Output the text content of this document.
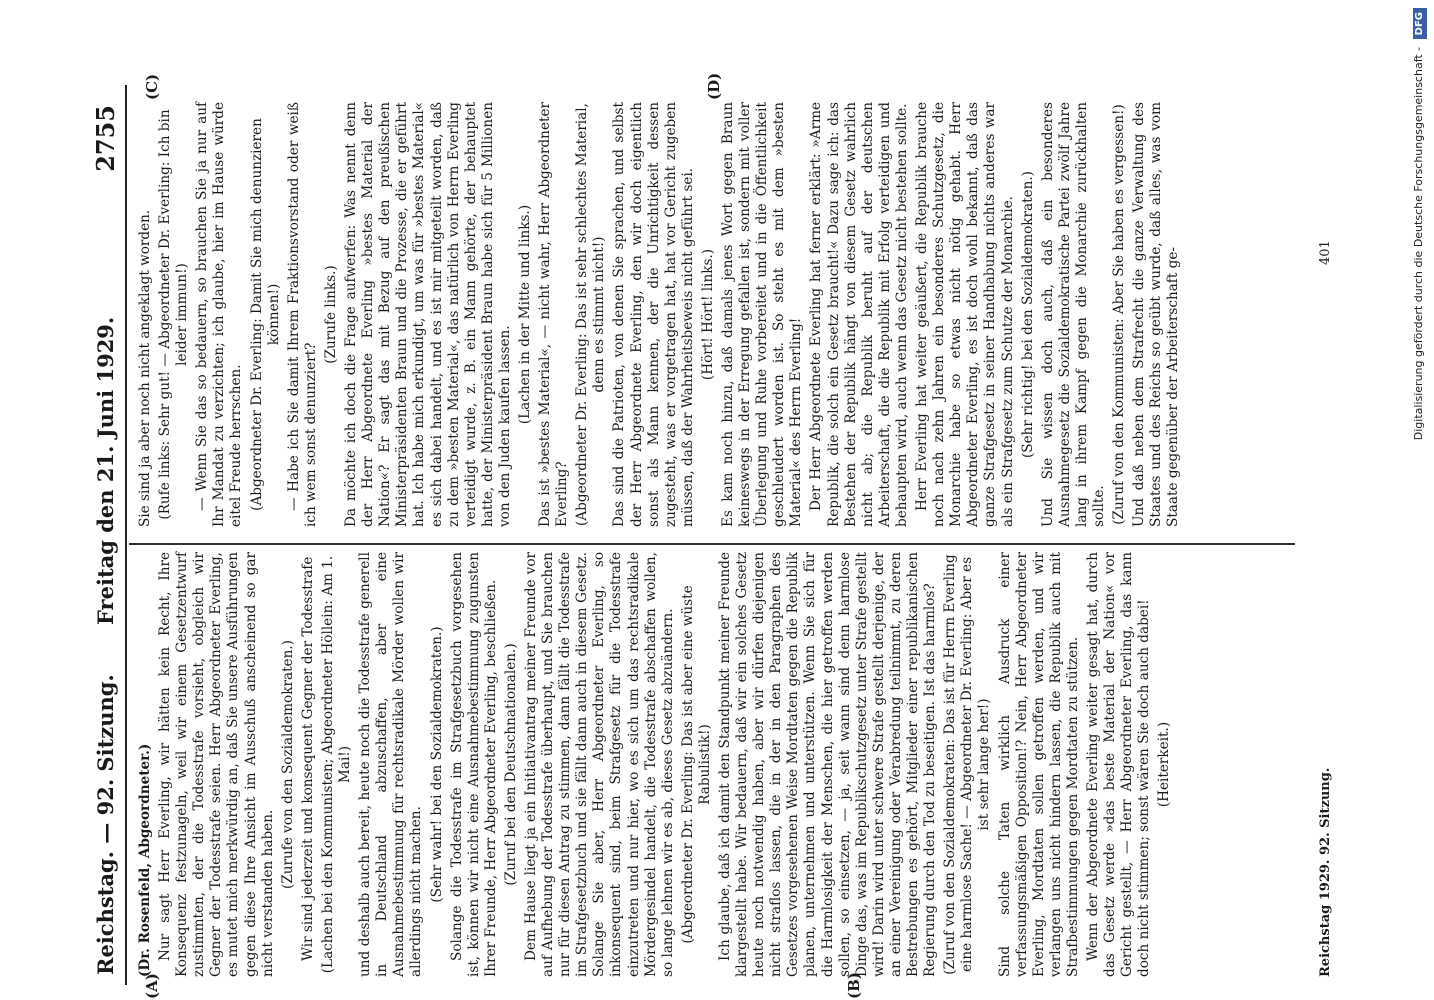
Reichstag. — 92. Sitzung.
Freitag den 21. Juni 1929.
2755
(A)	(B)
(C)	(D)

(Dr. Rosenfeld, Abgeordneter.) Nur sagt Herr Everling, wir hätten kein Recht, Ihre Konsequenz festzunageln, weil wir einem Gesetzentwurf zustimmten, der die Todesstrafe vorsieht, obgleich wir Gegner der Todesstrafe seien. Herr Abgeordneter Everling, es mutet mich merkwürdig an, daß Sie unsere Ausführungen gegen diese Ihre Ansicht im Ausschuß anscheinend so gar nicht verstanden haben.

(Zurufe von den Sozialdemokraten.) Wir sind jederzeit und konsequent Gegner der Todesstrafe (Lachen bei den Kommunisten; Abgeordneter Höllein: Am 1. Mai!) und deshalb auch bereit, heute noch die Todesstrafe generell in Deutschland abzuschaffen, aber eine Ausnahmebestimmung für rechtsradikale Mörder wollen wir allerdings nicht machen. (Sehr wahr! bei den Sozialdemokraten.) Solange die Todesstrafe im Strafgesetzbuch vorgesehen ist, können wir nicht eine Ausnahmebestimmung zugunsten Ihrer Freunde, Herr Abgeordneter Everling, beschließen. (Zuruf bei den Deutschnationalen.) Dem Hause liegt ja ein Initiativantrag meiner Freunde vor auf Aufhebung der Todesstrafe überhaupt, und Sie brauchen nur für diesen Antrag zu stimmen, dann fällt die Todesstrafe im Strafgesetzbuch und sie fällt dann auch in diesem Gesetz. Solange Sie aber, Herr Abgeordneter Everling, so inkonsequent sind, beim Strafgesetz für die Todesstrafe einzutreten und nur hier, wo es sich um das rechtsradikale Mördergesindel handelt, die Todesstrafe abschaffen wollen, so lange lehnen wir es ab, dieses Gesetz abzuändern. (Abgeordneter Dr. Everling: Das ist aber eine wüste Rabulistik!) Ich glaube, daß ich damit den Standpunkt meiner Freunde klargestellt habe. Wir bedauern, daß wir ein solches Gesetz heute noch notwendig haben, aber wir dürfen diejenigen nicht straflos lassen, die in der in den Paragraphen des Gesetzes vorgesehenen Weise Mordtaten gegen die Republik planen, unternehmen und unterstützen. Wenn Sie sich für die Harmlosigkeit der Menschen, die hier getroffen werden sollen, so einsetzen, — ja, seit wann sind denn harmlose Dinge das, was im Republikschutzgesetz unter Strafe gestellt wird! Darin wird unter schwere Strafe gestellt derjenige, der an einer Vereinigung oder Verabredung teilnimmt, zu deren Bestrebungen es gehört, Mitglieder einer republikanischen Regierung durch den Tod zu beseitigen. Ist das harmlos? (Zuruf von den Sozialdemokraten: Das ist für Herrn Everling eine harmlose Sache! — Abgeordneter Dr. Everling: Aber es ist sehr lange her!) Sind solche Taten wirklich Ausdruck einer verfassungsmäßigen Opposition!? Nein, Herr Abgeordneter Everling, Mordtaten sollen getroffen werden, und wir verlangen uns nicht hindern lassen, die Republik auch mit Strafbestimmungen gegen Mordtaten zu stützen. Wenn der Abgeordnete Everling weiter gesagt hat, durch das Gesetz werde »das beste Material der Nation« vor Gericht gestellt, — Herr Abgeordneter Everling, das kann doch nicht stimmen; sonst wären Sie doch auch dabei! (Heiterkeit.)

Sie sind ja aber noch nicht angeklagt worden. (Rufe links: Sehr gut! — Abgeordneter Dr. Everling: Ich bin leider immun!) — Wenn Sie das so bedauern, so brauchen Sie ja nur auf Ihr Mandat zu verzichten; ich glaube, hier im Hause würde eitel Freude herrschen. (Abgeordneter Dr. Everling: Damit Sie mich denunzieren können!) — Habe ich Sie damit Ihrem Fraktionsvorstand oder weiß ich wem sonst denunziert?

(Zurufe links.) Da möchte ich doch die Frage aufwerfen: Was nennt denn der Herr Abgeordnete Everling »bestes Material der Nation«? Er sagt das mit Bezug auf den preußischen Ministerpräsidenten Braun und die Prozesse, die er geführt hat. Ich habe mich erkundigt, um was für »bestes Material« es sich dabei handelt, und es ist mir mitgeteilt worden, daß zu dem »besten Material«, das natürlich von Herrn Everling verteidigt wurde, z. B. ein Mann gehörte, der behauptet hatte, der Ministerpräsident Braun habe sich für 5 Millionen von den Juden kaufen lassen.

(Lachen in der Mitte und links.) Das ist »bestes Material«, — nicht wahr, Herr Abgeordneter Everling? (Abgeordneter Dr. Everling: Das ist sehr schlechtes Material, denn es stimmt nicht!) Das sind die Patrioten, von denen Sie sprachen, und selbst der Herr Abgeordnete Everling, den wir doch eigentlich sonst als Mann kennen, der die Unrichtigkeit dessen zugesteht, was er vorgetragen hat, hat vor Gericht zugeben müssen, daß der Wahrheitsbeweis nicht geführt sei. (Hört! Hört! links.) Es kam noch hinzu, daß damals jenes Wort gegen Braun keineswegs in der Erregung gefallen ist, sondern mit voller Überlegung und Ruhe vorbereitet und in die Öffentlichkeit geschleudert worden ist. So steht es mit dem »besten Material« des Herrn Everling! Der Herr Abgeordnete Everling hat ferner erklärt: »Arme Republik, die solch ein Gesetz braucht!« Dazu sage ich: das Bestehen der Republik hängt von diesem Gesetz wahrlich nicht ab; die Republik beruht auf der deutschen Arbeiterschaft, die die Republik mit Erfolg verteidigen und behaupten wird, auch wenn das Gesetz nicht bestehen sollte. Herr Everling hat weiter geäußert, die Republik brauche noch nach zehn Jahren ein besonderes Schutzgesetz, die Monarchie habe so etwas nicht nötig gehabt. Herr Abgeordneter Everling, es ist doch wohl bekannt, daß das ganze Strafgesetz in seiner Handhabung nichts anderes war als ein Strafgesetz zum Schutze der Monarchie. (Sehr richtig! bei den Sozialdemokraten.) Und Sie wissen doch auch, daß ein besonderes Ausnahmegesetz die Sozialdemokratische Partei zwölf Jahre lang in ihrem Kampf gegen die Monarchie zurückhalten sollte. (Zuruf von den Kommunisten: Aber Sie haben es vergessen!) Und daß neben dem Strafrecht die ganze Verwaltung des Staates und des Reichs so geübt wurde, daß alles, was vom Staate gegenüber der Arbeiterschaft ge-

Reichstag 1929. 92. Sitzung.
401	Digitalisierung gefördert durch die Deutsche Forschungsgemeinschaft - DFG
